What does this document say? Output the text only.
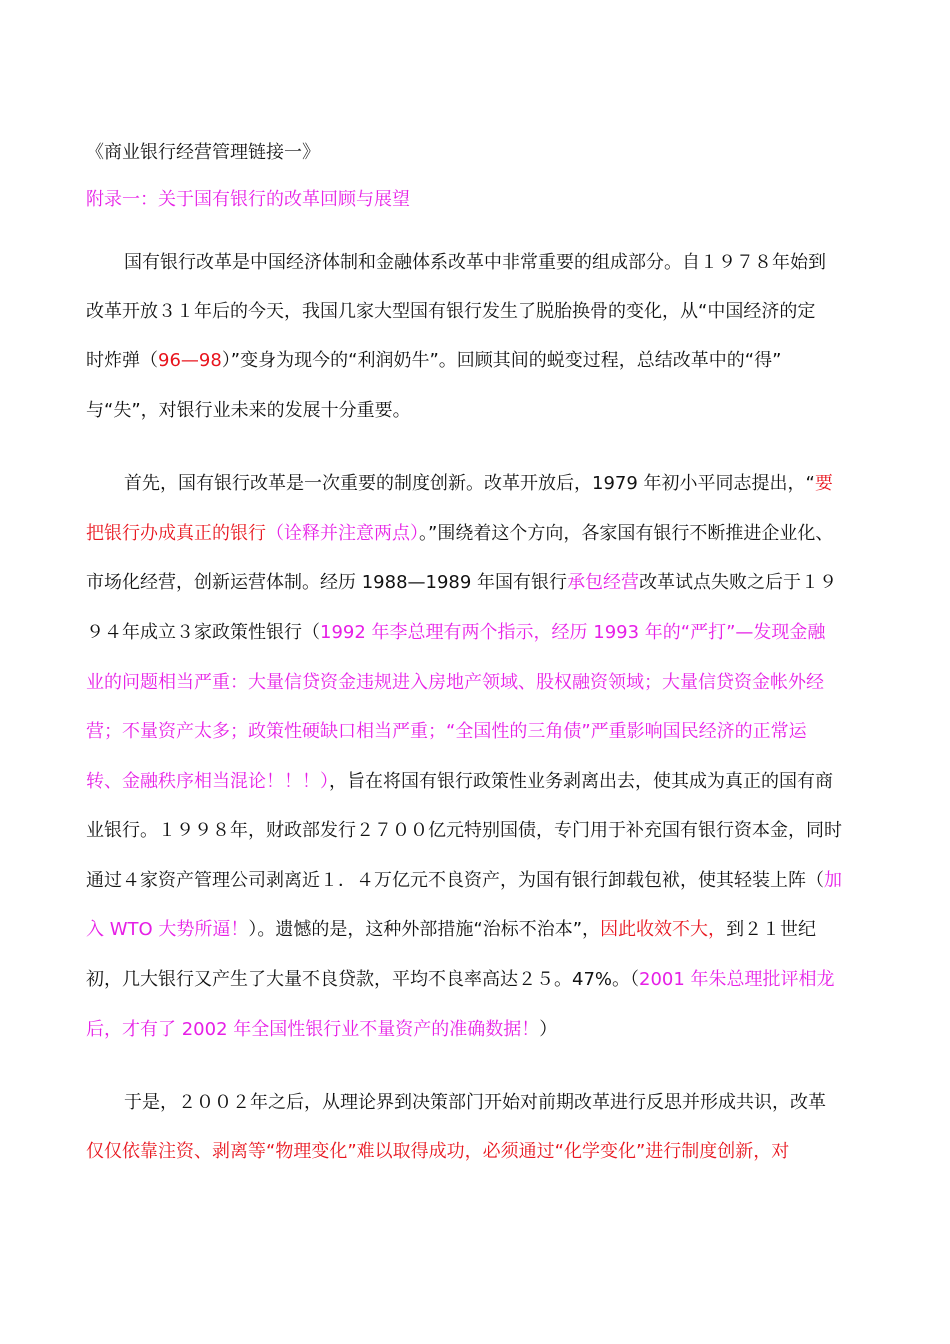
《商业银行经营管理链接一》
附录一：关于国有银行的改革回顾与展望
国有银行改革是中国经济体制和金融体系改革中非常重要的组成部分。自１９７８年始到
改革开放３１年后的今天，我国几家大型国有银行发生了脱胎换骨的变化，从“中国经济的定
时炸弹（96—98）”变身为现今的“利润奶牛”。回顾其间的蜕变过程，总结改革中的“得”
与“失”，对银行业未来的发展十分重要。
首先，国有银行改革是一次重要的制度创新。改革开放后，1979 年初小平同志提出，“要
把银行办成真正的银行（诠释并注意两点）。”围绕着这个方向，各家国有银行不断推进企业化、
市场化经营，创新运营体制。经历 1988—1989 年国有银行承包经营改革试点失败之后于１９
９４年成立３家政策性银行（1992 年李总理有两个指示，经历 1993 年的“严打”—发现金融
业的问题相当严重：大量信贷资金违规进入房地产领域、股权融资领域；大量信贷资金帐外经
营；不量资产太多；政策性硬缺口相当严重；“全国性的三角债”严重影响国民经济的正常运
转、金融秩序相当混论！！！），旨在将国有银行政策性业务剥离出去，使其成为真正的国有商
业银行。１９９８年，财政部发行２７００亿元特别国债，专门用于补充国有银行资本金，同时
通过４家资产管理公司剥离近１．４万亿元不良资产，为国有银行卸载包袱，使其轻装上阵（加
入 WTO 大势所逼！）。遗憾的是，这种外部措施“治标不治本”，因此收效不大，到２１世纪
初，几大银行又产生了大量不良贷款，平均不良率高达２５。47%。（2001 年朱总理批评相龙
后，才有了 2002 年全国性银行业不量资产的准确数据！）
于是，２００２年之后，从理论界到决策部门开始对前期改革进行反思并形成共识，改革
仅仅依靠注资、剥离等“物理变化”难以取得成功，必须通过“化学变化”进行制度创新，对
